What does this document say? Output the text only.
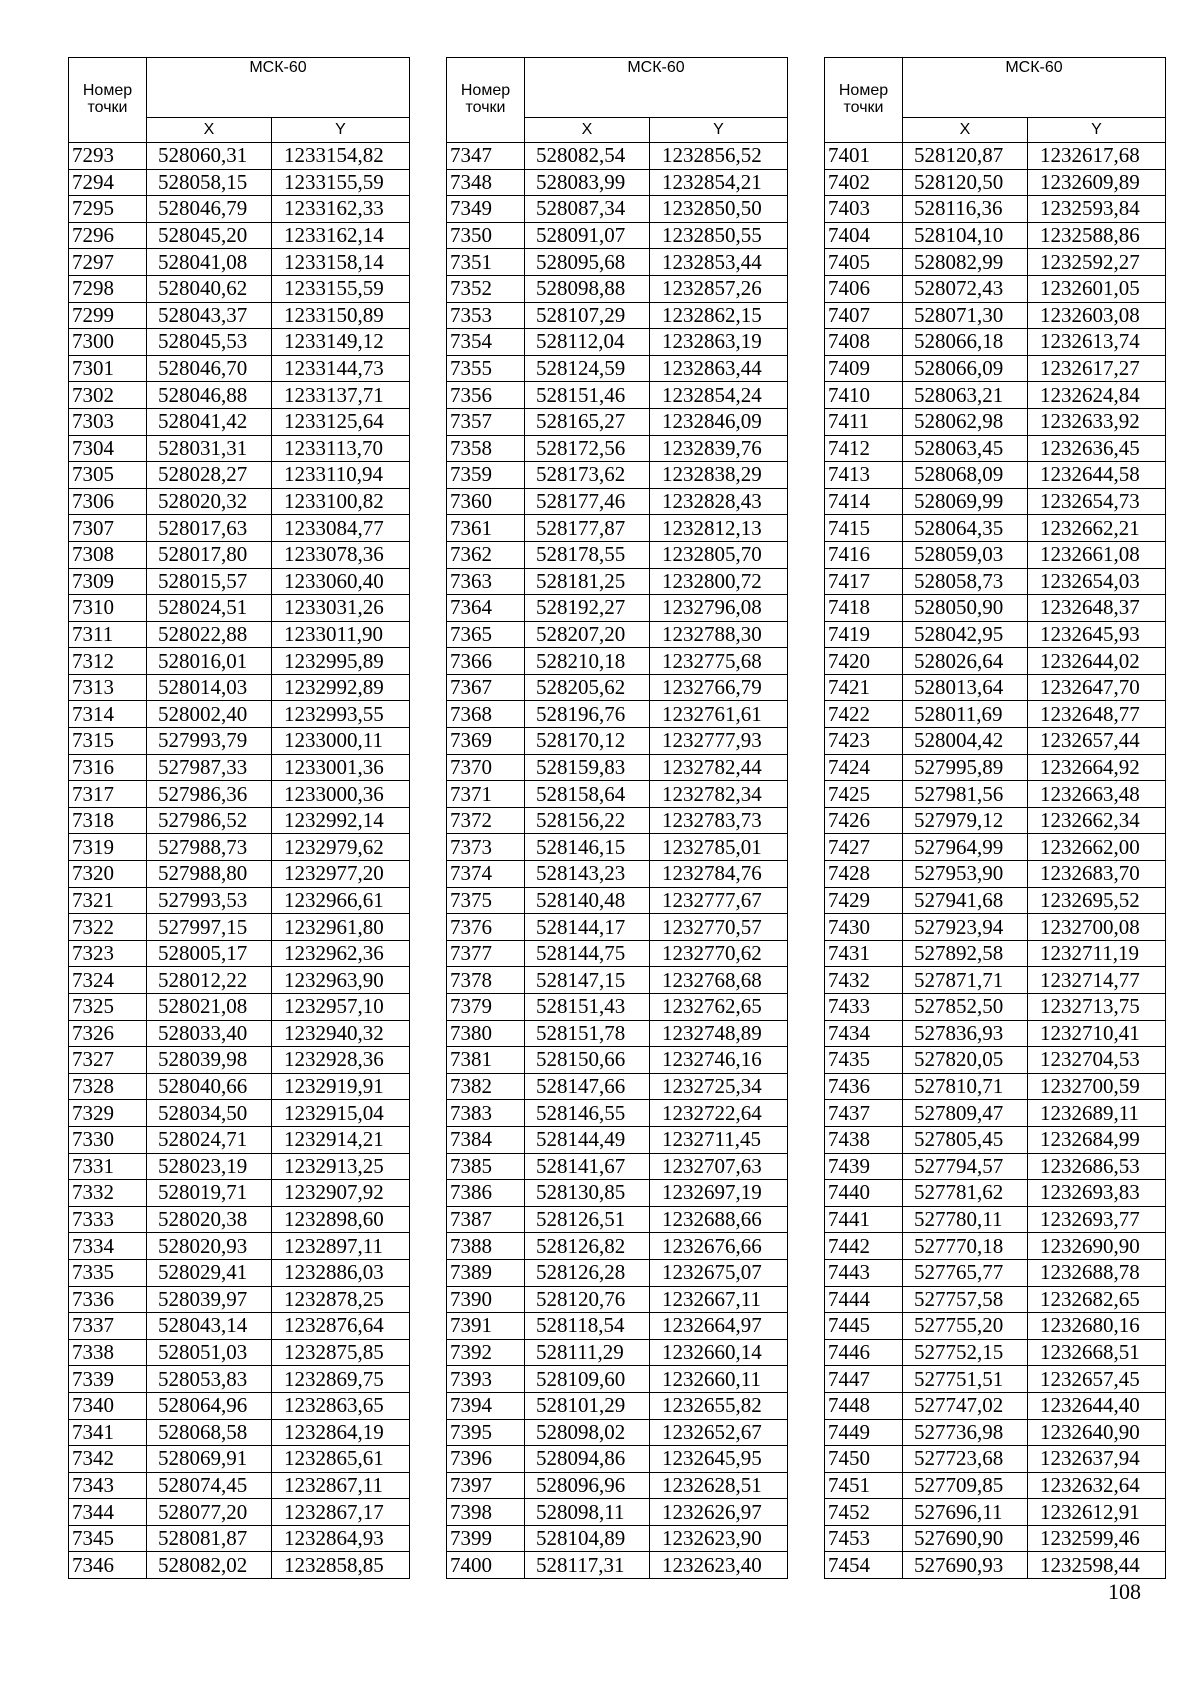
Номер точки	МСК-60	
	X	Y
7293	528060,31	1233154,82
7294	528058,15	1233155,59
7295	528046,79	1233162,33
7296	528045,20	1233162,14
7297	528041,08	1233158,14
7298	528040,62	1233155,59
7299	528043,37	1233150,89
7300	528045,53	1233149,12
7301	528046,70	1233144,73
7302	528046,88	1233137,71
7303	528041,42	1233125,64
7304	528031,31	1233113,70
7305	528028,27	1233110,94
7306	528020,32	1233100,82
7307	528017,63	1233084,77
7308	528017,80	1233078,36
7309	528015,57	1233060,40
7310	528024,51	1233031,26
7311	528022,88	1233011,90
7312	528016,01	1232995,89
7313	528014,03	1232992,89
7314	528002,40	1232993,55
7315	527993,79	1233000,11
7316	527987,33	1233001,36
7317	527986,36	1233000,36
7318	527986,52	1232992,14
7319	527988,73	1232979,62
7320	527988,80	1232977,20
7321	527993,53	1232966,61
7322	527997,15	1232961,80
7323	528005,17	1232962,36
7324	528012,22	1232963,90
7325	528021,08	1232957,10
7326	528033,40	1232940,32
7327	528039,98	1232928,36
7328	528040,66	1232919,91
7329	528034,50	1232915,04
7330	528024,71	1232914,21
7331	528023,19	1232913,25
7332	528019,71	1232907,92
7333	528020,38	1232898,60
7334	528020,93	1232897,11
7335	528029,41	1232886,03
7336	528039,97	1232878,25
7337	528043,14	1232876,64
7338	528051,03	1232875,85
7339	528053,83	1232869,75
7340	528064,96	1232863,65
7341	528068,58	1232864,19
7342	528069,91	1232865,61
7343	528074,45	1232867,11
7344	528077,20	1232867,17
7345	528081,87	1232864,93
7346	528082,02	1232858,85
Номер точки	МСК-60	
	X	Y
7347	528082,54	1232856,52
7348	528083,99	1232854,21
7349	528087,34	1232850,50
7350	528091,07	1232850,55
7351	528095,68	1232853,44
7352	528098,88	1232857,26
7353	528107,29	1232862,15
7354	528112,04	1232863,19
7355	528124,59	1232863,44
7356	528151,46	1232854,24
7357	528165,27	1232846,09
7358	528172,56	1232839,76
7359	528173,62	1232838,29
7360	528177,46	1232828,43
7361	528177,87	1232812,13
7362	528178,55	1232805,70
7363	528181,25	1232800,72
7364	528192,27	1232796,08
7365	528207,20	1232788,30
7366	528210,18	1232775,68
7367	528205,62	1232766,79
7368	528196,76	1232761,61
7369	528170,12	1232777,93
7370	528159,83	1232782,44
7371	528158,64	1232782,34
7372	528156,22	1232783,73
7373	528146,15	1232785,01
7374	528143,23	1232784,76
7375	528140,48	1232777,67
7376	528144,17	1232770,57
7377	528144,75	1232770,62
7378	528147,15	1232768,68
7379	528151,43	1232762,65
7380	528151,78	1232748,89
7381	528150,66	1232746,16
7382	528147,66	1232725,34
7383	528146,55	1232722,64
7384	528144,49	1232711,45
7385	528141,67	1232707,63
7386	528130,85	1232697,19
7387	528126,51	1232688,66
7388	528126,82	1232676,66
7389	528126,28	1232675,07
7390	528120,76	1232667,11
7391	528118,54	1232664,97
7392	528111,29	1232660,14
7393	528109,60	1232660,11
7394	528101,29	1232655,82
7395	528098,02	1232652,67
7396	528094,86	1232645,95
7397	528096,96	1232628,51
7398	528098,11	1232626,97
7399	528104,89	1232623,90
7400	528117,31	1232623,40
Номер точки	МСК-60	
	X	Y
7401	528120,87	1232617,68
7402	528120,50	1232609,89
7403	528116,36	1232593,84
7404	528104,10	1232588,86
7405	528082,99	1232592,27
7406	528072,43	1232601,05
7407	528071,30	1232603,08
7408	528066,18	1232613,74
7409	528066,09	1232617,27
7410	528063,21	1232624,84
7411	528062,98	1232633,92
7412	528063,45	1232636,45
7413	528068,09	1232644,58
7414	528069,99	1232654,73
7415	528064,35	1232662,21
7416	528059,03	1232661,08
7417	528058,73	1232654,03
7418	528050,90	1232648,37
7419	528042,95	1232645,93
7420	528026,64	1232644,02
7421	528013,64	1232647,70
7422	528011,69	1232648,77
7423	528004,42	1232657,44
7424	527995,89	1232664,92
7425	527981,56	1232663,48
7426	527979,12	1232662,34
7427	527964,99	1232662,00
7428	527953,90	1232683,70
7429	527941,68	1232695,52
7430	527923,94	1232700,08
7431	527892,58	1232711,19
7432	527871,71	1232714,77
7433	527852,50	1232713,75
7434	527836,93	1232710,41
7435	527820,05	1232704,53
7436	527810,71	1232700,59
7437	527809,47	1232689,11
7438	527805,45	1232684,99
7439	527794,57	1232686,53
7440	527781,62	1232693,83
7441	527780,11	1232693,77
7442	527770,18	1232690,90
7443	527765,77	1232688,78
7444	527757,58	1232682,65
7445	527755,20	1232680,16
7446	527752,15	1232668,51
7447	527751,51	1232657,45
7448	527747,02	1232644,40
7449	527736,98	1232640,90
7450	527723,68	1232637,94
7451	527709,85	1232632,64
7452	527696,11	1232612,91
7453	527690,90	1232599,46
7454	527690,93	1232598,44
108
